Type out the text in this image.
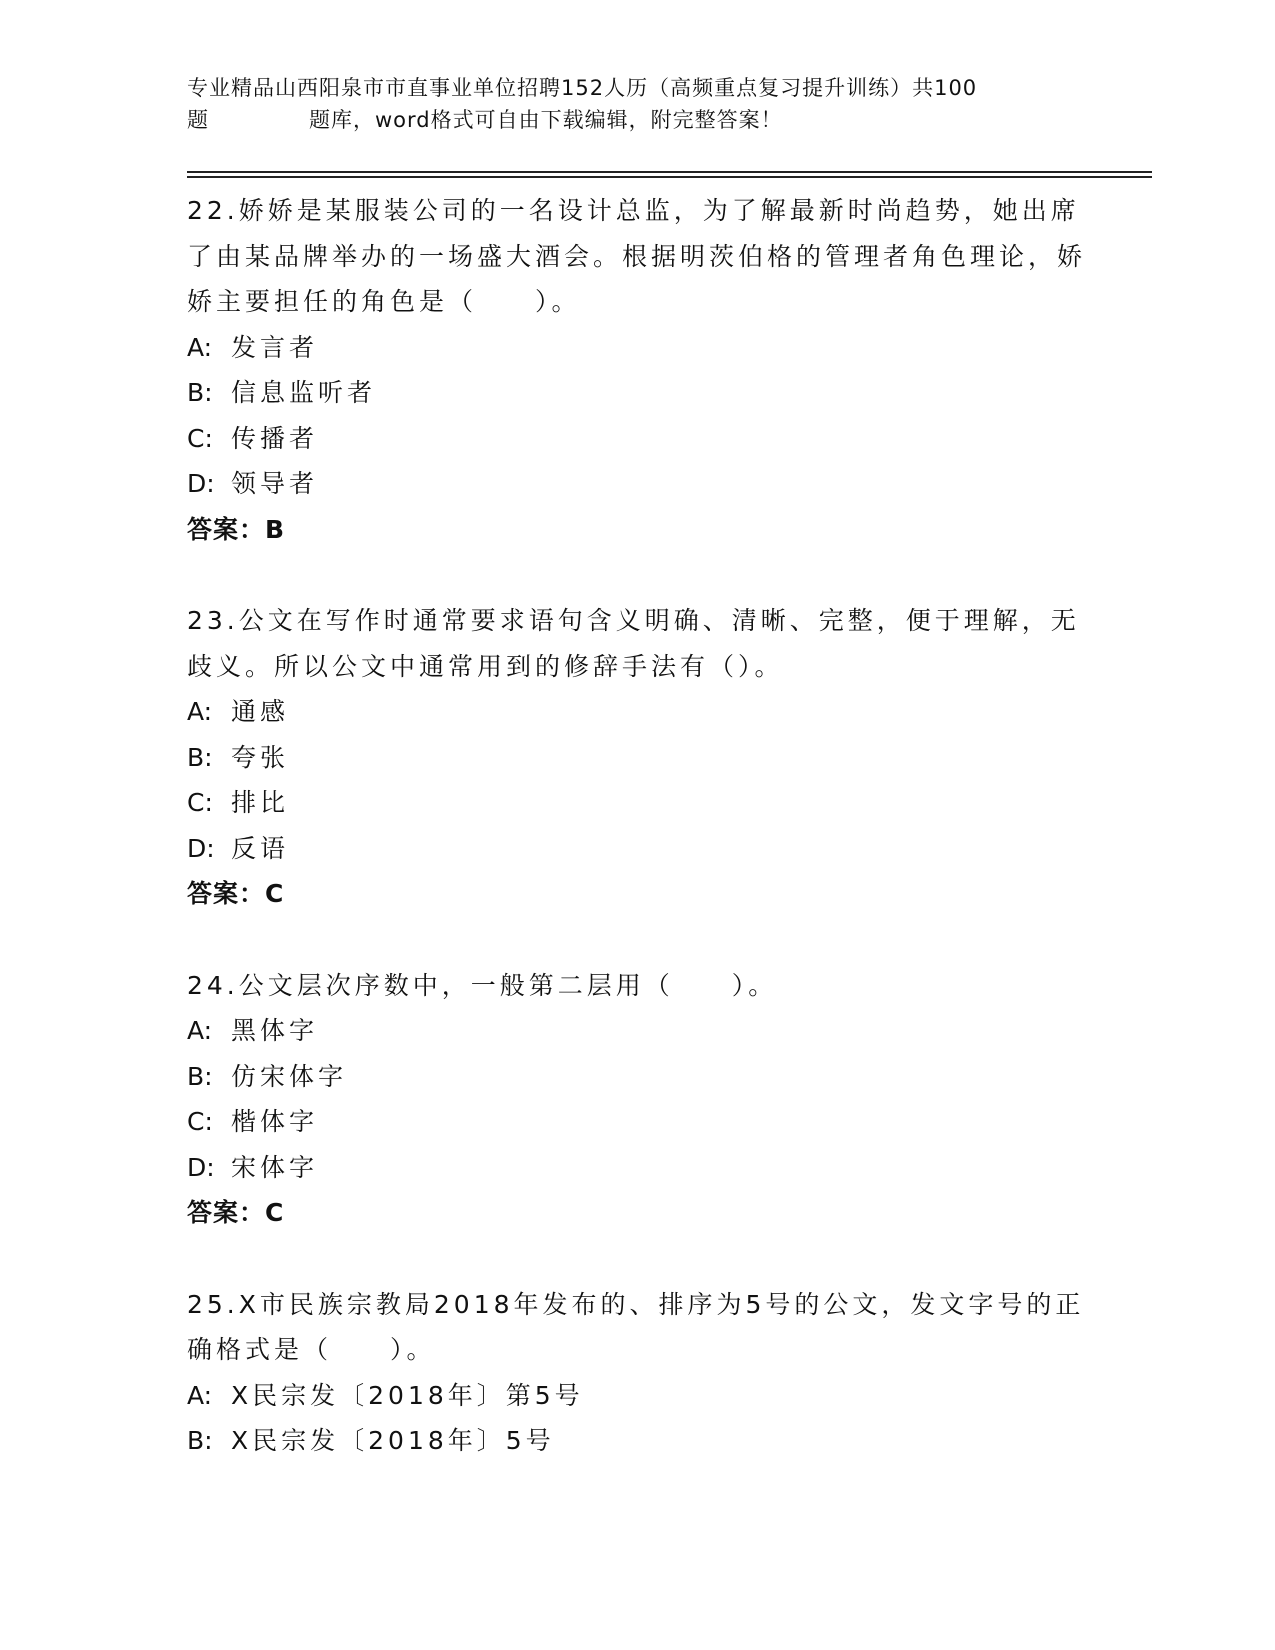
专业精品山西阳泉市市直事业单位招聘152人历（高频重点复习提升训练）共100
题	题库，word格式可自由下载编辑，附完整答案！
22.娇娇是某服装公司的一名设计总监，为了解最新时尚趋势，她出席了由某品牌举办的一场盛大酒会。根据明茨伯格的管理者角色理论，娇娇主要担任的角色是（　　）。
A: 发言者
B: 信息监听者
C: 传播者
D: 领导者
答案：B
23.公文在写作时通常要求语句含义明确、清晰、完整，便于理解，无歧义。所以公文中通常用到的修辞手法有（）。
A: 通感
B: 夸张
C: 排比
D: 反语
答案：C
24.公文层次序数中，一般第二层用（　　）。
A: 黑体字
B: 仿宋体字
C: 楷体字
D: 宋体字
答案：C
25.X市民族宗教局2018年发布的、排序为5号的公文，发文字号的正确格式是（　　）。
A: X民宗发〔2018年〕第5号
B: X民宗发〔2018年〕5号
